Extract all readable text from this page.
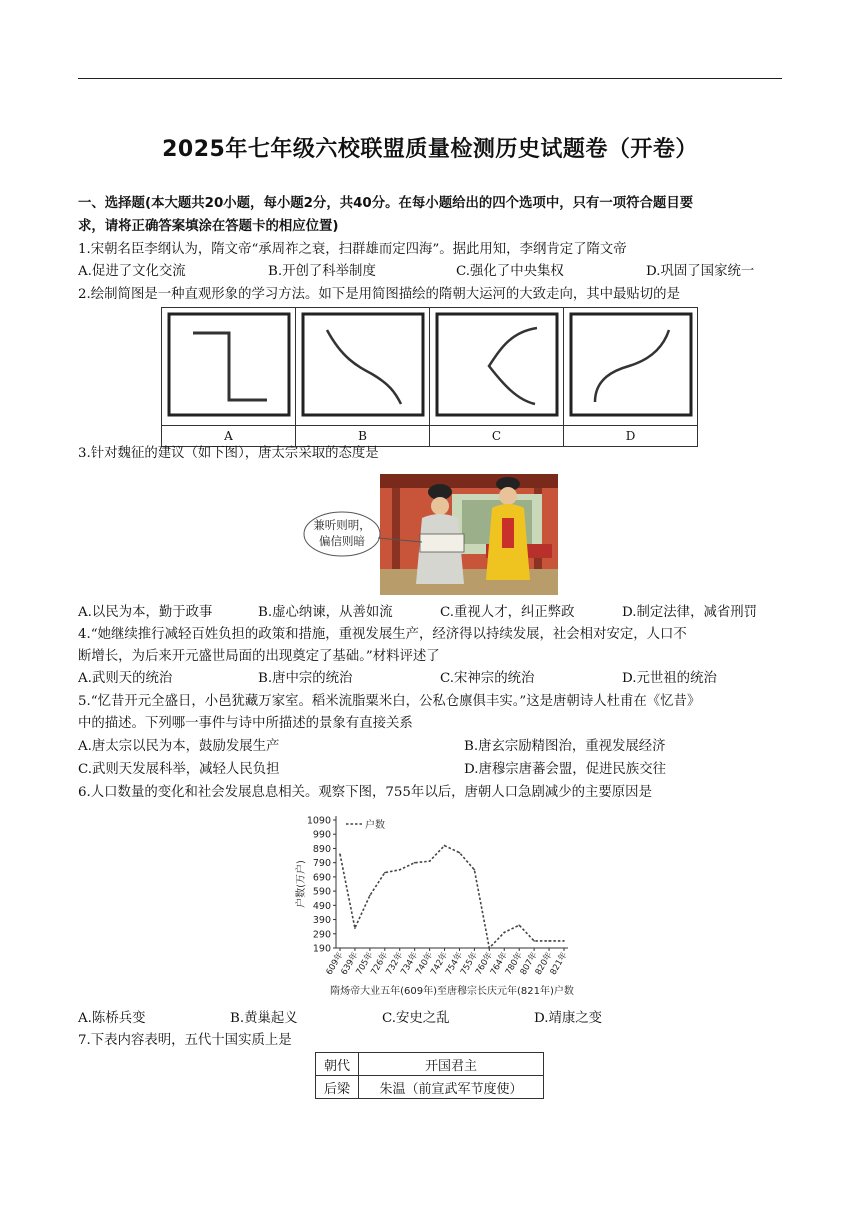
2025年七年级六校联盟质量检测历史试题卷（开卷）
一、选择题(本大题共20小题，每小题2分，共40分。在每小题给出的四个选项中，只有一项符合题目要
求，请将正确答案填涂在答题卡的相应位置)
1.宋朝名臣李纲认为，隋文帝“承周祚之衰，扫群雄而定四海”。据此用知，李纲肯定了隋文帝
A.促进了文化交流	B.开创了科举制度	C.强化了中央集权	D.巩固了国家统一
2.绘制简图是一种直观形象的学习方法。如下是用简图描绘的隋朝大运河的大致走向，其中最贴切的是

A	B	C	D
3.针对魏征的建议（如下图），唐太宗采取的态度是
兼听则明，
偏信则暗
A.以民为本，勤于政事	B.虚心纳谏，从善如流	C.重视人才，纠正弊政	D.制定法律，减省刑罚
4.“她继续推行减轻百姓负担的政策和措施，重视发展生产，经济得以持续发展，社会相对安定，人口不
断增长，为后来开元盛世局面的出现奠定了基础。”材料评述了
A.武则天的统治	B.唐中宗的统治	C.宋神宗的统治	D.元世祖的统治
5.“忆昔开元全盛日，小邑犹藏万家室。稻米流脂粟米白，公私仓廪俱丰实。”这是唐朝诗人杜甫在《忆昔》
中的描述。下列哪一事件与诗中所描述的景象有直接关系
A.唐太宗以民为本，鼓励发展生产	B.唐玄宗励精图治，重视发展经济
C.武则天发展科举，减轻人民负担	D.唐穆宗唐蕃会盟，促进民族交往
6.人口数量的变化和社会发展息息相关。观察下图，755年以后，唐朝人口急剧减少的主要原因是
190
290
390
490
590
690
790
890
990
1090
609年
639年
705年
726年
732年
734年
740年
742年
754年
755年
760年
764年
780年
807年
820年
821年
户数
户数(万户)
隋炀帝大业五年(609年)至唐穆宗长庆元年(821年)户数
A.陈桥兵变	B.黄巢起义	C.安史之乱	D.靖康之变
7.下表内容表明，五代十国实质上是
朝代	开国君主
后梁	朱温（前宣武军节度使）
